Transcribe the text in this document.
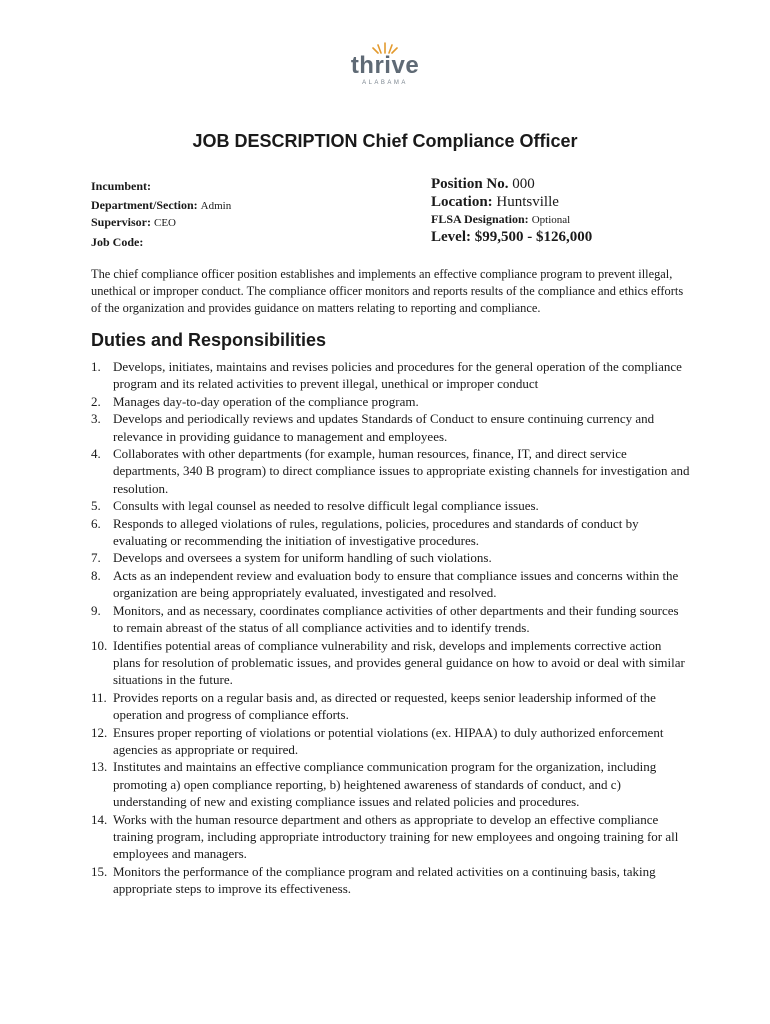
thrive
ALABAMA
JOB DESCRIPTION Chief Compliance Officer
Incumbent:
Department/Section: Admin
Supervisor: CEO
Job Code:
Position No. 000
Location: Huntsville
FLSA Designation: Optional
Level: $99,500 - $126,000
The chief compliance officer position establishes and implements an effective compliance program to prevent illegal, unethical or improper conduct. The compliance officer monitors and reports results of the compliance and ethics efforts of the organization and provides guidance on matters relating to reporting and compliance.
Duties and Responsibilities
1. Develops, initiates, maintains and revises policies and procedures for the general operation of the compliance program and its related activities to prevent illegal, unethical or improper conduct
2. Manages day-to-day operation of the compliance program.
3. Develops and periodically reviews and updates Standards of Conduct to ensure continuing currency and relevance in providing guidance to management and employees.
4. Collaborates with other departments (for example, human resources, finance, IT, and direct service departments, 340 B program) to direct compliance issues to appropriate existing channels for investigation and resolution.
5. Consults with legal counsel as needed to resolve difficult legal compliance issues.
6. Responds to alleged violations of rules, regulations, policies, procedures and standards of conduct by evaluating or recommending the initiation of investigative procedures.
7. Develops and oversees a system for uniform handling of such violations.
8. Acts as an independent review and evaluation body to ensure that compliance issues and concerns within the organization are being appropriately evaluated, investigated and resolved.
9. Monitors, and as necessary, coordinates compliance activities of other departments and their funding sources to remain abreast of the status of all compliance activities and to identify trends.
10. Identifies potential areas of compliance vulnerability and risk, develops and implements corrective action plans for resolution of problematic issues, and provides general guidance on how to avoid or deal with similar situations in the future.
11. Provides reports on a regular basis and, as directed or requested, keeps senior leadership informed of the operation and progress of compliance efforts.
12. Ensures proper reporting of violations or potential violations (ex. HIPAA) to duly authorized enforcement agencies as appropriate or required.
13. Institutes and maintains an effective compliance communication program for the organization, including promoting a) open compliance reporting, b) heightened awareness of standards of conduct, and c) understanding of new and existing compliance issues and related policies and procedures.
14. Works with the human resource department and others as appropriate to develop an effective compliance training program, including appropriate introductory training for new employees and ongoing training for all employees and managers.
15. Monitors the performance of the compliance program and related activities on a continuing basis, taking appropriate steps to improve its effectiveness.
